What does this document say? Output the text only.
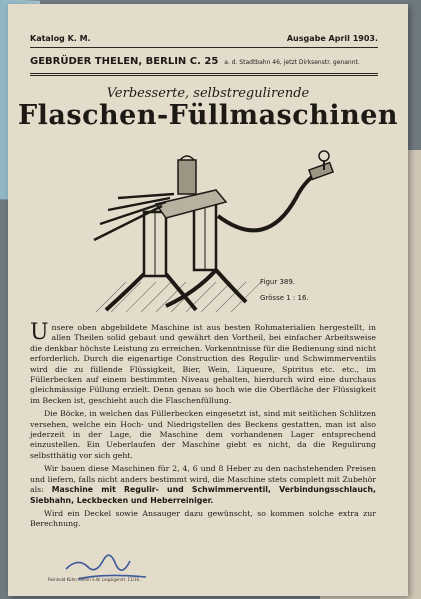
Katalog K. M.	Ausgabe April 1903.
GEBRÜDER THELEN, BERLIN C. 25 a. d. Stadtbahn 46, jetzt Dirksenstr. genannt.
Verbesserte, selbstregulirende
Flaschen-Füllmaschinen
Figur 389.
Grösse 1 : 16.

Unsere oben abgebildete Maschine ist aus besten Rohmaterialien hergestellt, in allen Theilen solid gebaut und gewährt den Vortheil, bei einfacher Arbeitsweise die denkbar höchste Leistung zu erreichen. Vorkenntnisse für die Bedienung sind nicht erforderlich. Durch die eigenartige Construction des Regulir- und Schwimmerventils wird die zu füllende Flüssigkeit, Bier, Wein, Liqueure, Spiritus etc. etc., im Füllerbecken auf einem bestimmten Niveau gehalten, hierdurch wird eine durchaus gleichmässige Füllung erzielt. Denn genau so hoch wie die Oberfläche der Flüssigkeit im Becken ist, geschieht auch die Flaschenfüllung.

Die Böcke, in welchen das Füllerbecken eingesetzt ist, sind mit seitlichen Schlitzen versehen, welche ein Hoch- und Niedrigstellen des Beckens gestatten, man ist also jederzeit in der Lage, die Maschine dem vorhandenen Lager entsprechend einzustellen. Ein Ueberlaufen der Maschine giebt es nicht, da die Regulirung selbstthätig vor sich geht.

Wir bauen diese Maschinen für 2, 4, 6 und 8 Heber zu den nachstehenden Preisen und liefern, falls nicht anders bestimmt wird, die Maschine stets complett mit Zubehör als: Maschine mit Regulir- und Schwimmerventil, Verbindungsschlauch, Siebhahn, Leckbecken und Heberreiniger.

Wird ein Deckel sowie Ansauger dazu gewünscht, so kommen solche extra zur Berechnung.

Reinhold Kühn, Berlin S.W. Leipzigerstr. 11/16.
